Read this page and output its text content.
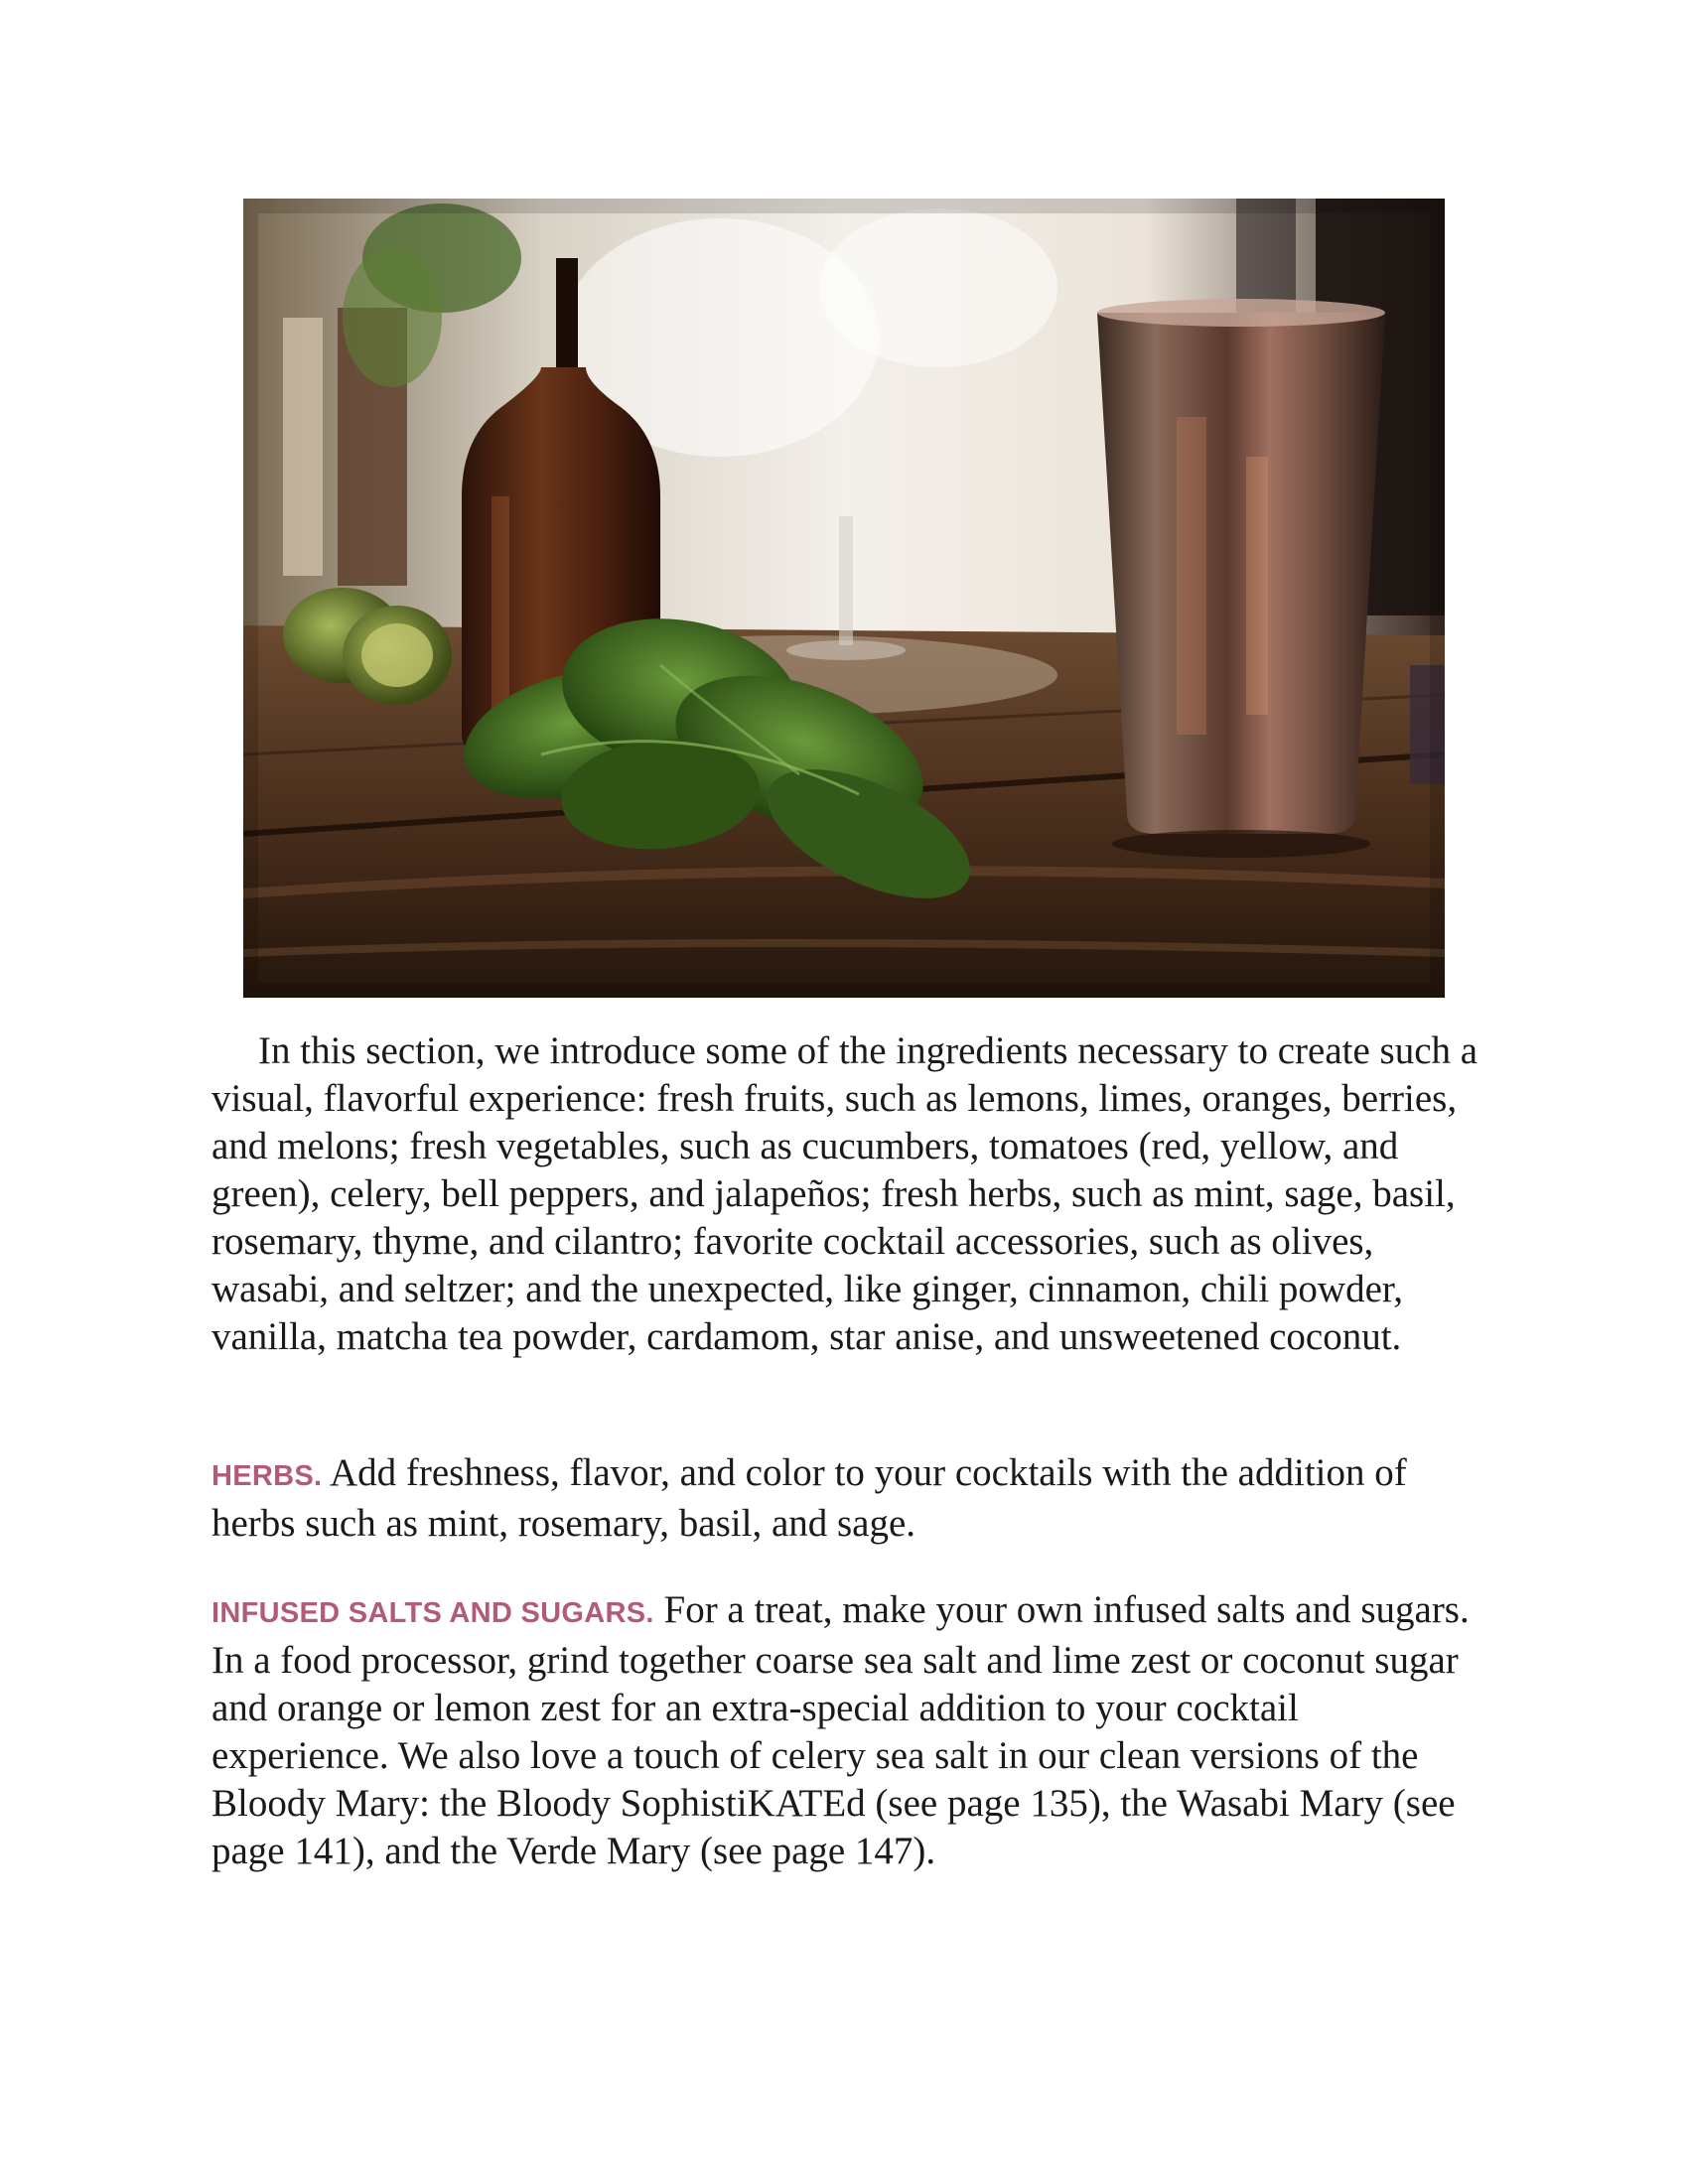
In this section, we introduce some of the ingredients necessary to create such a visual, flavorful experience: fresh fruits, such as lemons, limes, oranges, berries, and melons; fresh vegetables, such as cucumbers, tomatoes (red, yellow, and green), celery, bell peppers, and jalapeños; fresh herbs, such as mint, sage, basil, rosemary, thyme, and cilantro; favorite cocktail accessories, such as olives, wasabi, and seltzer; and the unexpected, like ginger, cinnamon, chili powder, vanilla, matcha tea powder, cardamom, star anise, and unsweetened coconut.

HERBS. Add freshness, flavor, and color to your cocktails with the addition of herbs such as mint, rosemary, basil, and sage.

INFUSED SALTS AND SUGARS. For a treat, make your own infused salts and sugars. In a food processor, grind together coarse sea salt and lime zest or coconut sugar and orange or lemon zest for an extra-special addition to your cocktail experience. We also love a touch of celery sea salt in our clean versions of the Bloody Mary: the Bloody SophistiKATEd (see page 135), the Wasabi Mary (see page 141), and the Verde Mary (see page 147).
